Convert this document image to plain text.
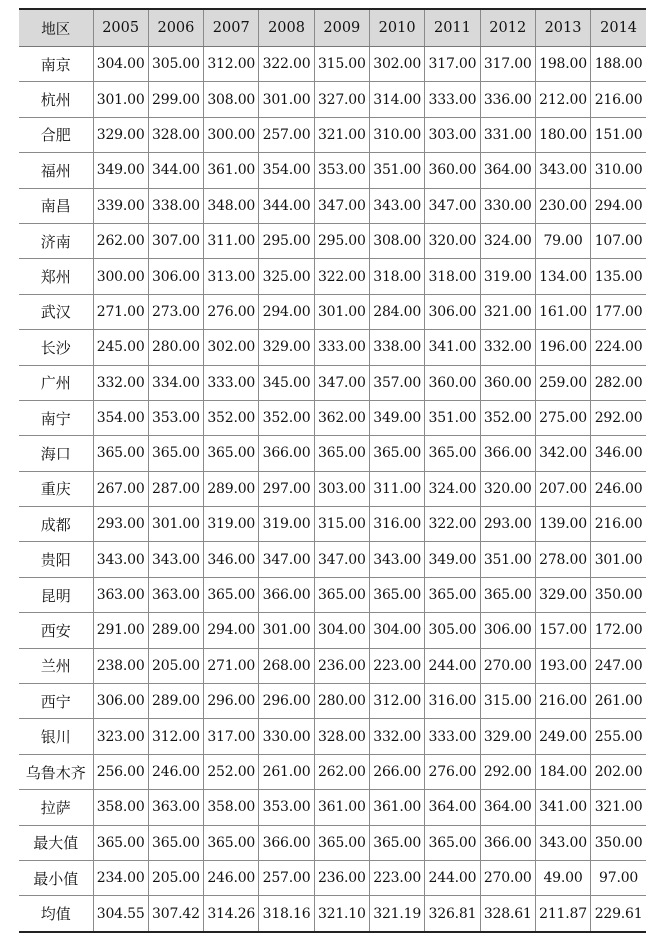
地区	2005	2006	2007	2008	2009	2010	2011	2012	2013	2014
南京	304.00	305.00	312.00	322.00	315.00	302.00	317.00	317.00	198.00	188.00
杭州	301.00	299.00	308.00	301.00	327.00	314.00	333.00	336.00	212.00	216.00
合肥	329.00	328.00	300.00	257.00	321.00	310.00	303.00	331.00	180.00	151.00
福州	349.00	344.00	361.00	354.00	353.00	351.00	360.00	364.00	343.00	310.00
南昌	339.00	338.00	348.00	344.00	347.00	343.00	347.00	330.00	230.00	294.00
济南	262.00	307.00	311.00	295.00	295.00	308.00	320.00	324.00	79.00	107.00
郑州	300.00	306.00	313.00	325.00	322.00	318.00	318.00	319.00	134.00	135.00
武汉	271.00	273.00	276.00	294.00	301.00	284.00	306.00	321.00	161.00	177.00
长沙	245.00	280.00	302.00	329.00	333.00	338.00	341.00	332.00	196.00	224.00
广州	332.00	334.00	333.00	345.00	347.00	357.00	360.00	360.00	259.00	282.00
南宁	354.00	353.00	352.00	352.00	362.00	349.00	351.00	352.00	275.00	292.00
海口	365.00	365.00	365.00	366.00	365.00	365.00	365.00	366.00	342.00	346.00
重庆	267.00	287.00	289.00	297.00	303.00	311.00	324.00	320.00	207.00	246.00
成都	293.00	301.00	319.00	319.00	315.00	316.00	322.00	293.00	139.00	216.00
贵阳	343.00	343.00	346.00	347.00	347.00	343.00	349.00	351.00	278.00	301.00
昆明	363.00	363.00	365.00	366.00	365.00	365.00	365.00	365.00	329.00	350.00
西安	291.00	289.00	294.00	301.00	304.00	304.00	305.00	306.00	157.00	172.00
兰州	238.00	205.00	271.00	268.00	236.00	223.00	244.00	270.00	193.00	247.00
西宁	306.00	289.00	296.00	296.00	280.00	312.00	316.00	315.00	216.00	261.00
银川	323.00	312.00	317.00	330.00	328.00	332.00	333.00	329.00	249.00	255.00
乌鲁木齐	256.00	246.00	252.00	261.00	262.00	266.00	276.00	292.00	184.00	202.00
拉萨	358.00	363.00	358.00	353.00	361.00	361.00	364.00	364.00	341.00	321.00
最大值	365.00	365.00	365.00	366.00	365.00	365.00	365.00	366.00	343.00	350.00
最小值	234.00	205.00	246.00	257.00	236.00	223.00	244.00	270.00	49.00	97.00
均值	304.55	307.42	314.26	318.16	321.10	321.19	326.81	328.61	211.87	229.61
